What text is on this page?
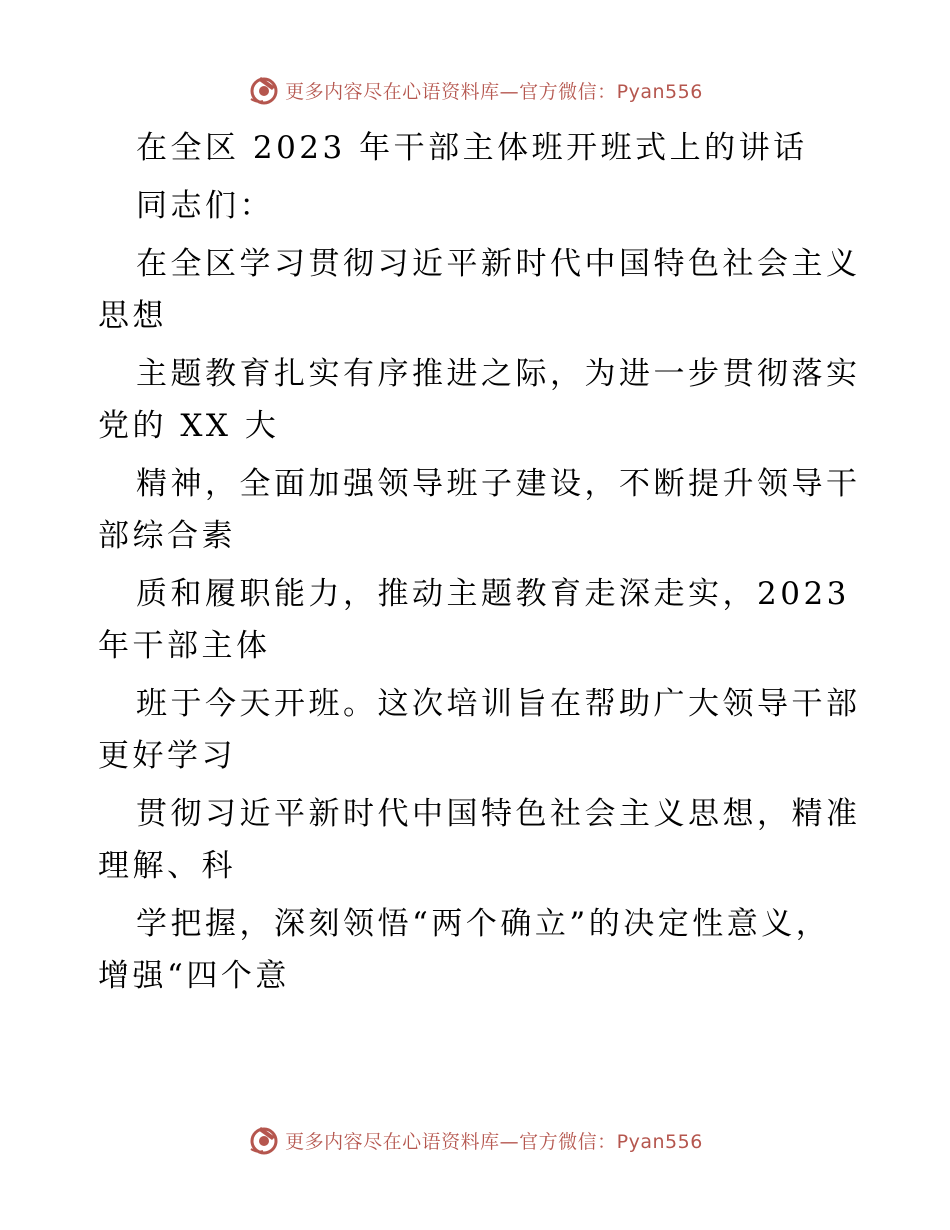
更多内容尽在心语资料库—官方微信：Pyan556
在全区 2023 年干部主体班开班式上的讲话
同志们：
在全区学习贯彻习近平新时代中国特色社会主义
思想
主题教育扎实有序推进之际，为进一步贯彻落实
党的 XX 大
精神，全面加强领导班子建设，不断提升领导干
部综合素
质和履职能力，推动主题教育走深走实，2023
年干部主体
班于今天开班。这次培训旨在帮助广大领导干部
更好学习
贯彻习近平新时代中国特色社会主义思想，精准
理解、科
学把握，深刻领悟“两个确立”的决定性意义，
增强“四个意
更多内容尽在心语资料库—官方微信：Pyan556
